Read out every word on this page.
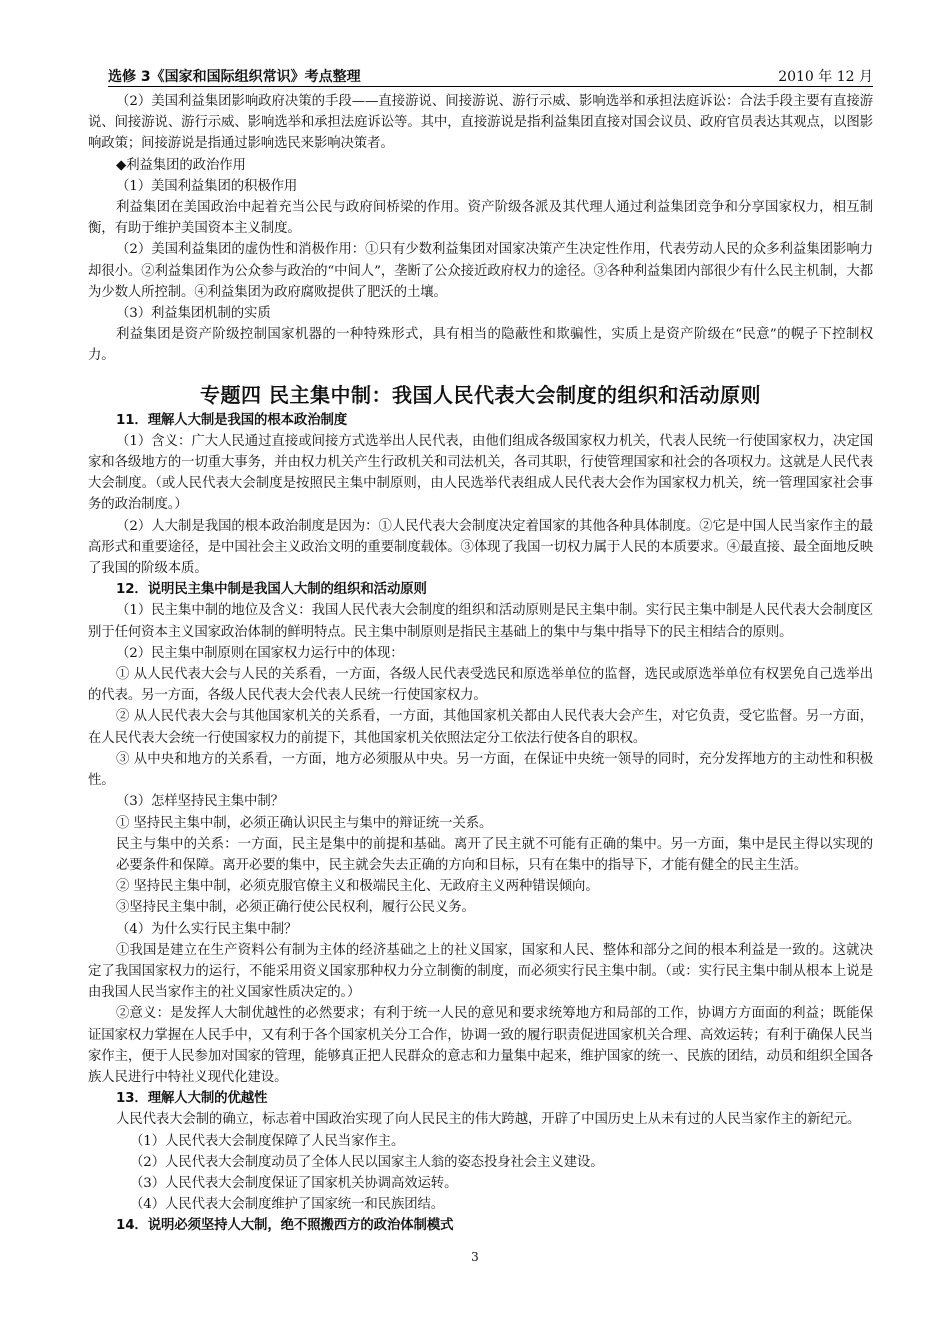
选修 3《国家和国际组织常识》考点整理	2010 年 12 月

（2）美国利益集团影响政府决策的手段——直接游说、间接游说、游行示威、影响选举和承担法庭诉讼：合法手段主要有直接游说、间接游说、游行示威、影响选举和承担法庭诉讼等。其中，直接游说是指利益集团直接对国会议员、政府官员表达其观点，以图影响政策；间接游说是指通过影响选民来影响决策者。

◆利益集团的政治作用

（1）美国利益集团的积极作用

利益集团在美国政治中起着充当公民与政府间桥梁的作用。资产阶级各派及其代理人通过利益集团竞争和分享国家权力，相互制衡，有助于维护美国资本主义制度。

（2）美国利益集团的虚伪性和消极作用：①只有少数利益集团对国家决策产生决定性作用，代表劳动人民的众多利益集团影响力却很小。②利益集团作为公众参与政治的“中间人”，垄断了公众接近政府权力的途径。③各种利益集团内部很少有什么民主机制，大都为少数人所控制。④利益集团为政府腐败提供了肥沃的土壤。

（3）利益集团机制的实质

利益集团是资产阶级控制国家机器的一种特殊形式，具有相当的隐蔽性和欺骗性，实质上是资产阶级在“民意”的幌子下控制权力。

专题四 民主集中制：我国人民代表大会制度的组织和活动原则

11．理解人大制是我国的根本政治制度

（1）含义：广大人民通过直接或间接方式选举出人民代表，由他们组成各级国家权力机关，代表人民统一行使国家权力，决定国家和各级地方的一切重大事务，并由权力机关产生行政机关和司法机关，各司其职，行使管理国家和社会的各项权力。这就是人民代表大会制度。（或人民代表大会制度是按照民主集中制原则，由人民选举代表组成人民代表大会作为国家权力机关，统一管理国家社会事务的政治制度。）

（2）人大制是我国的根本政治制度是因为：①人民代表大会制度决定着国家的其他各种具体制度。②它是中国人民当家作主的最高形式和重要途径，是中国社会主义政治文明的重要制度载体。③体现了我国一切权力属于人民的本质要求。④最直接、最全面地反映了我国的阶级本质。

12．说明民主集中制是我国人大制的组织和活动原则

（1）民主集中制的地位及含义：我国人民代表大会制度的组织和活动原则是民主集中制。实行民主集中制是人民代表大会制度区别于任何资本主义国家政治体制的鲜明特点。民主集中制原则是指民主基础上的集中与集中指导下的民主相结合的原则。

（2）民主集中制原则在国家权力运行中的体现：

① 从人民代表大会与人民的关系看，一方面，各级人民代表受选民和原选举单位的监督，选民或原选举单位有权罢免自己选举出的代表。另一方面，各级人民代表大会代表人民统一行使国家权力。

② 从人民代表大会与其他国家机关的关系看，一方面，其他国家机关都由人民代表大会产生，对它负责，受它监督。另一方面，在人民代表大会统一行使国家权力的前提下，其他国家机关依照法定分工依法行使各自的职权。

③ 从中央和地方的关系看，一方面，地方必须服从中央。另一方面，在保证中央统一领导的同时，充分发挥地方的主动性和积极性。

（3）怎样坚持民主集中制？

① 坚持民主集中制，必须正确认识民主与集中的辩证统一关系。

民主与集中的关系：一方面，民主是集中的前提和基础。离开了民主就不可能有正确的集中。另一方面，集中是民主得以实现的必要条件和保障。离开必要的集中，民主就会失去正确的方向和目标，只有在集中的指导下，才能有健全的民主生活。

② 坚持民主集中制，必须克服官僚主义和极端民主化、无政府主义两种错误倾向。

③坚持民主集中制，必须正确行使公民权利，履行公民义务。

（4）为什么实行民主集中制？

①我国是建立在生产资料公有制为主体的经济基础之上的社义国家，国家和人民、整体和部分之间的根本利益是一致的。这就决定了我国国家权力的运行，不能采用资义国家那种权力分立制衡的制度，而必须实行民主集中制。（或：实行民主集中制从根本上说是由我国人民当家作主的社义国家性质决定的。）

②意义：是发挥人大制优越性的必然要求；有利于统一人民的意见和要求统筹地方和局部的工作，协调方方面面的利益；既能保证国家权力掌握在人民手中，又有利于各个国家机关分工合作，协调一致的履行职责促进国家机关合理、高效运转；有利于确保人民当家作主，便于人民参加对国家的管理，能够真正把人民群众的意志和力量集中起来，维护国家的统一、民族的团结，动员和组织全国各族人民进行中特社义现代化建设。

13．理解人大制的优越性

人民代表大会制的确立，标志着中国政治实现了向人民民主的伟大跨越，开辟了中国历史上从未有过的人民当家作主的新纪元。

（1）人民代表大会制度保障了人民当家作主。

（2）人民代表大会制度动员了全体人民以国家主人翁的姿态投身社会主义建设。

（3）人民代表大会制度保证了国家机关协调高效运转。

（4）人民代表大会制度维护了国家统一和民族团结。

14．说明必须坚持人大制，绝不照搬西方的政治体制模式

3
